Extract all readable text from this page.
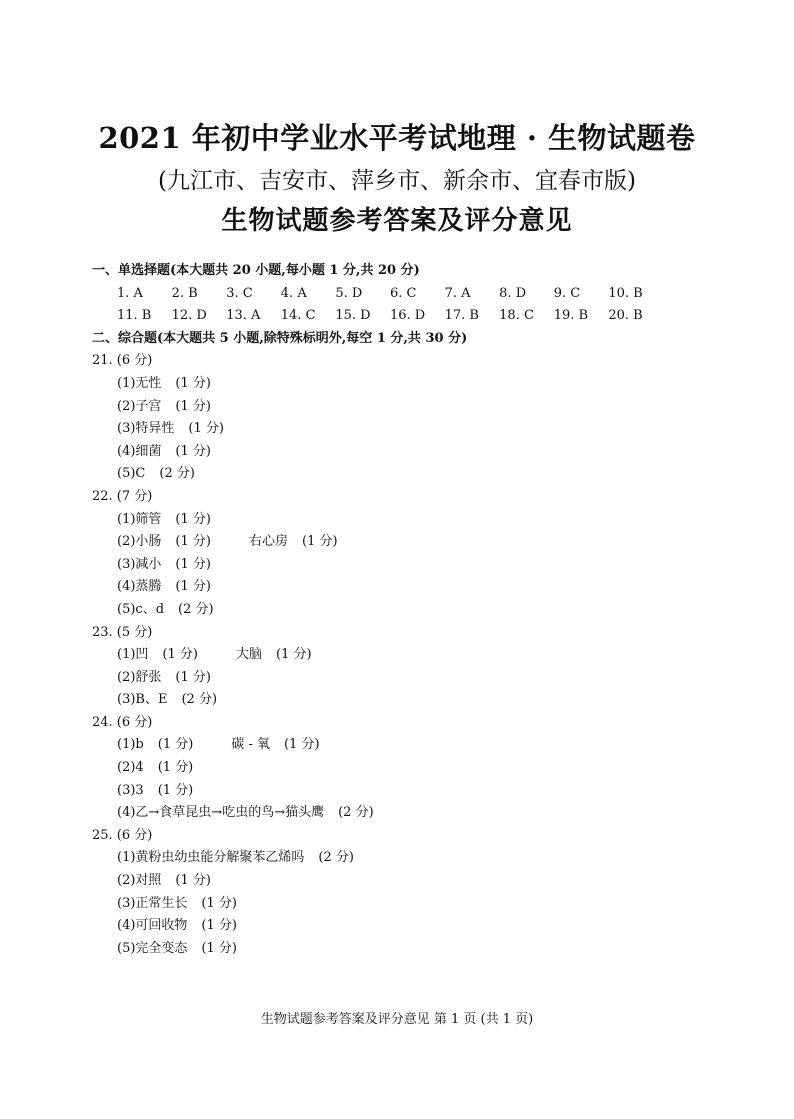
2021 年初中学业水平考试地理 · 生物试题卷
(九江市、吉安市、萍乡市、新余市、宜春市版)
生物试题参考答案及评分意见
一、单选择题(本大题共 20 小题,每小题 1 分,共 20 分)
1. A	2. B	3. C	4. A	5. D	6. C	7. A	8. D	9. C	10. B
11. B	12. D	13. A	14. C	15. D	16. D	17. B	18. C	19. B	20. B
二、综合题(本大题共 5 小题,除特殊标明外,每空 1 分,共 30 分)
21. (6 分)
(1)无性 (1 分)
(2)子宫 (1 分)
(3)特异性 (1 分)
(4)细菌 (1 分)
(5)C (2 分)
22. (7 分)
(1)筛管 (1 分)
(2)小肠 (1 分)	右心房 (1 分)
(3)减小 (1 分)
(4)蒸腾 (1 分)
(5)c、d (2 分)
23. (5 分)
(1)凹 (1 分)	大脑 (1 分)
(2)舒张 (1 分)
(3)B、E (2 分)
24. (6 分)
(1)b (1 分)	碳 - 氧 (1 分)
(2)4 (1 分)
(3)3 (1 分)
(4)乙→食草昆虫→吃虫的鸟→猫头鹰 (2 分)
25. (6 分)
(1)黄粉虫幼虫能分解聚苯乙烯吗 (2 分)
(2)对照 (1 分)
(3)正常生长 (1 分)
(4)可回收物 (1 分)
(5)完全变态 (1 分)
生物试题参考答案及评分意见 第 1 页 (共 1 页)
